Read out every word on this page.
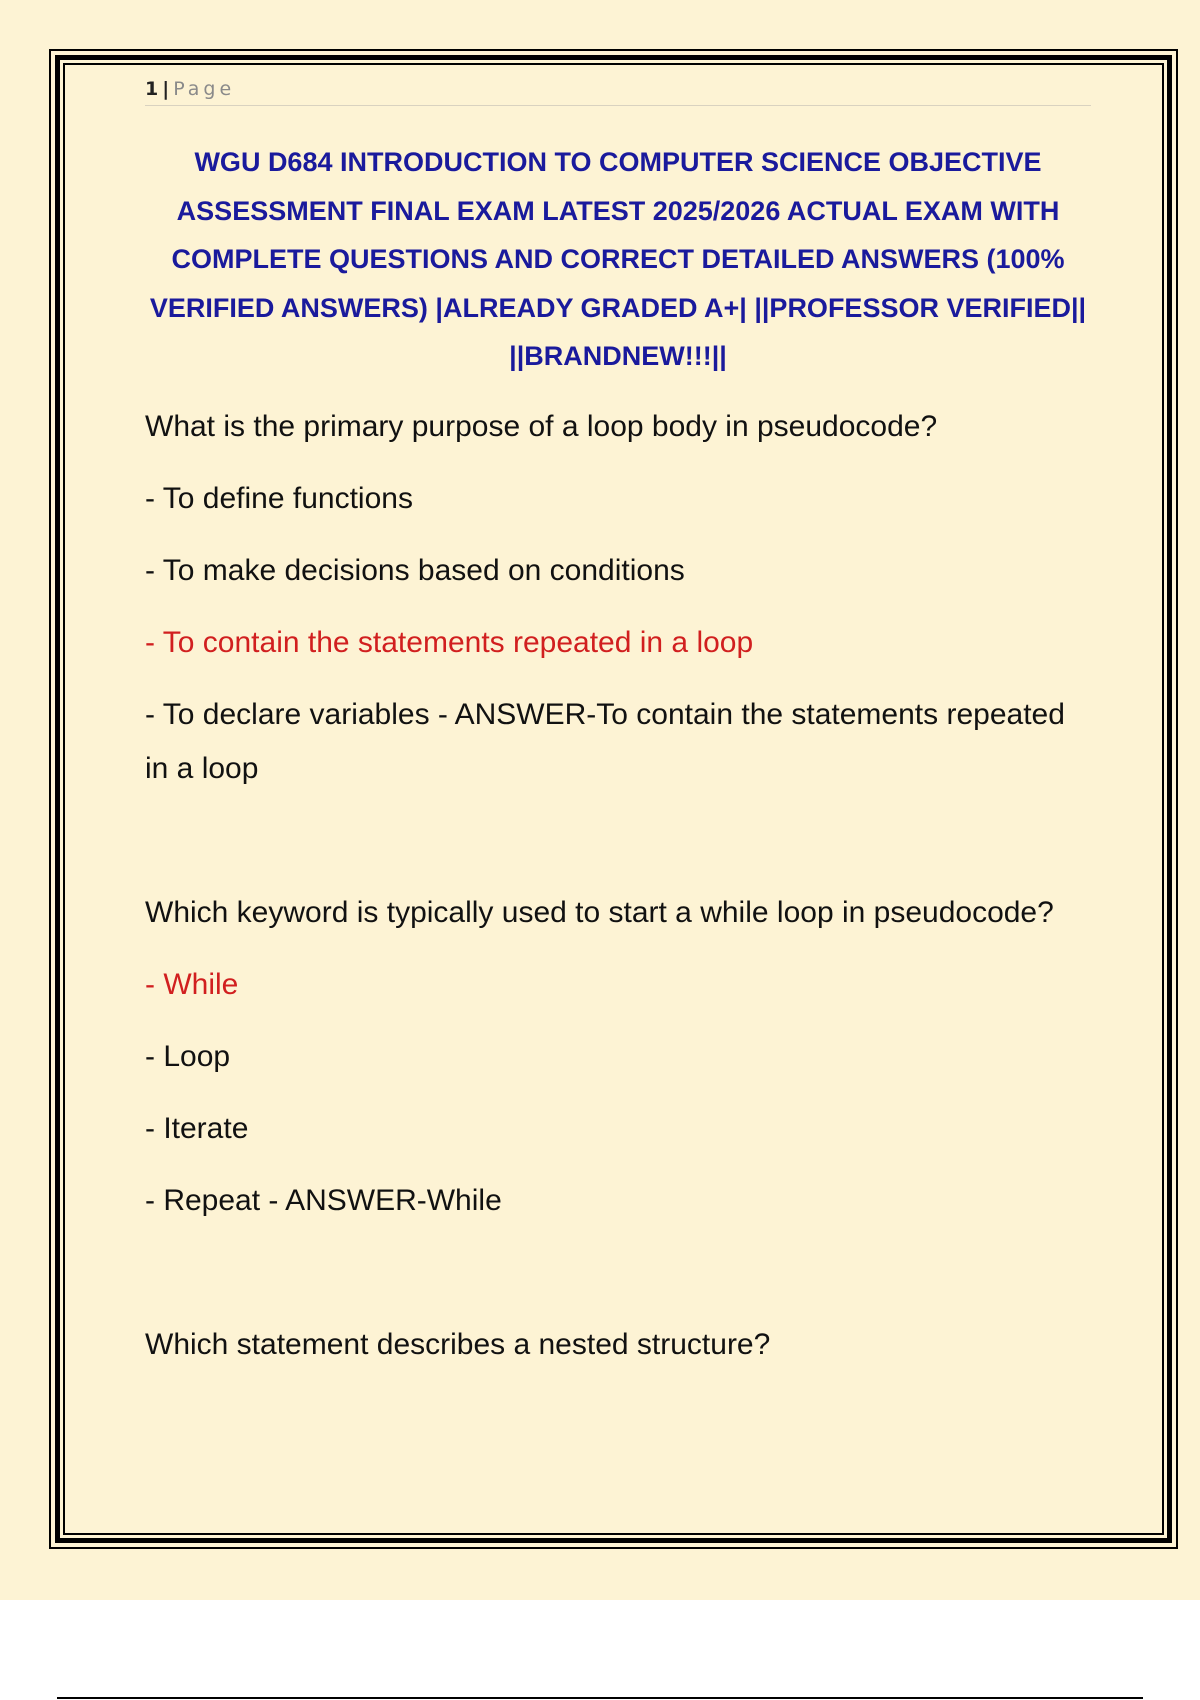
1 | Page
WGU D684 INTRODUCTION TO COMPUTER SCIENCE OBJECTIVE ASSESSMENT FINAL EXAM LATEST 2025/2026 ACTUAL EXAM WITH COMPLETE QUESTIONS AND CORRECT DETAILED ANSWERS (100% VERIFIED ANSWERS) |ALREADY GRADED A+| ||PROFESSOR VERIFIED|| ||BRANDNEW!!!||

What is the primary purpose of a loop body in pseudocode?

- To define functions

- To make decisions based on conditions

- To contain the statements repeated in a loop

- To declare variables - ANSWER-To contain the statements repeated in a loop

Which keyword is typically used to start a while loop in pseudocode?

- While

- Loop

- Iterate

- Repeat - ANSWER-While

Which statement describes a nested structure?
